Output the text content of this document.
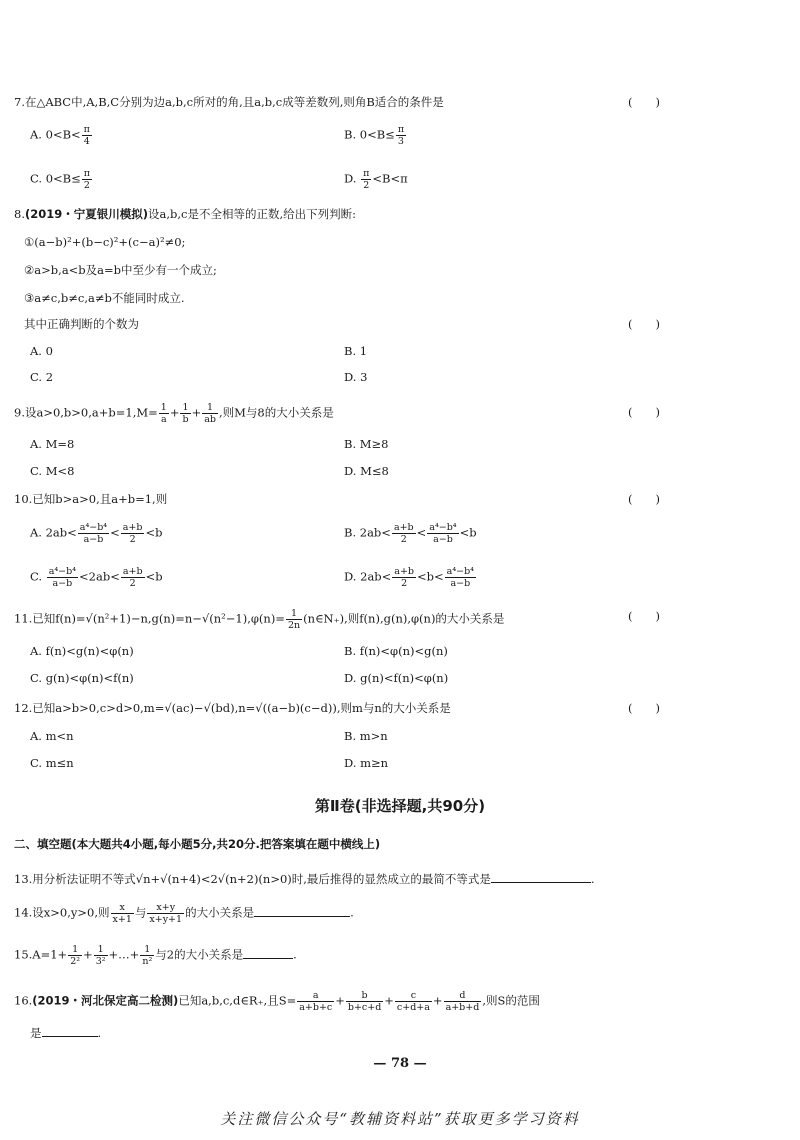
7.在△ABC中,A,B,C分别为边a,b,c所对的角,且a,b,c成等差数列,则角B适合的条件是	(　　)
A. $0<B< \frac{\pi}{4}$	B. $0<B\le \frac{\pi}{3}$
C. $0<B\le \frac{\pi}{2}$	D. $\frac{\pi}{2} <B<\pi$
8.(2019・宁夏银川模拟)设a,b,c是不全相等的正数,给出下列判断:
①(a−b)²+(b−c)²+(c−a)²≠0;
②a>b,a<b及a=b中至少有一个成立;
③a≠c,b≠c,a≠b不能同时成立.
其中正确判断的个数为	(　　)
A. 0	B. 1
C. 2	D. 3
9.设$a>0,b>0,a+b=1,M= \frac{1}{a} + \frac{1}{b} + \frac{1}{ab}$ ,则M与8的大小关系是	(　　)
A. M=8	B. M≥8
C. M<8	D. M≤8
10.已知b>a>0,且a+b=1,则	(　　)
A. $2ab< \frac{\text{a⁴−b⁴}}{a-b} < \frac{a+b}{2} <b$	B. $2ab< \frac{a+b}{2} < \frac{\text{a⁴−b⁴}}{a-b} <b$
C. $\frac{\text{a⁴−b⁴}}{a-b} <2ab< \frac{a+b}{2} <b$	D. $2ab< \frac{a+b}{2} <b< \frac{\text{a⁴−b⁴}}{a-b}$
11.已知$f(n)=√(n^2+1)-n,g(n)=n-√(n^2-1),\varphi(n)= \frac{1}{2n}$ (n∈N₊),则f(n),g(n),φ(n)的大小关系是	(　　)
A. f(n)<g(n)<φ(n)	B. f(n)<φ(n)<g(n)
C. g(n)<φ(n)<f(n)	D. g(n)<f(n)<φ(n)
12.已知a>b>0,c>d>0,m=√(ac)−√(bd),n=√((a−b)(c−d)),则m与n的大小关系是	(　　)
A. m<n	B. m>n
C. m≤n	D. m≥n
第Ⅱ卷(非选择题,共90分)
二、填空题(本大题共4小题,每小题5分,共20分.把答案填在题中横线上)
13.用分析法证明不等式√n+√(n+4)<2√(n+2)(n>0)时,最后推得的显然成立的最简不等式是	.
14.设x>0,y>0,则 $\frac{x}{x+1}$ 与 $\frac{x+y}{x+y+1}$ 的大小关系是	.
$15.A=1+ \frac{1}{\text{2²}} + \frac{1}{\text{3²}}$ +…+ $\frac{1}{\text{n²}}$ 与2的大小关系是	.
16.(2019・河北保定高二检测)已知a,b,c,d∈R₊,且$S= \frac{a}{a+b+c} + \frac{b}{b+c+d} + \frac{c}{c+d+a} + \frac{d}{a+b+d}$ ,则S的范围
是	.
— 78 —
关注微信公众号“教辅资料站”获取更多学习资料
